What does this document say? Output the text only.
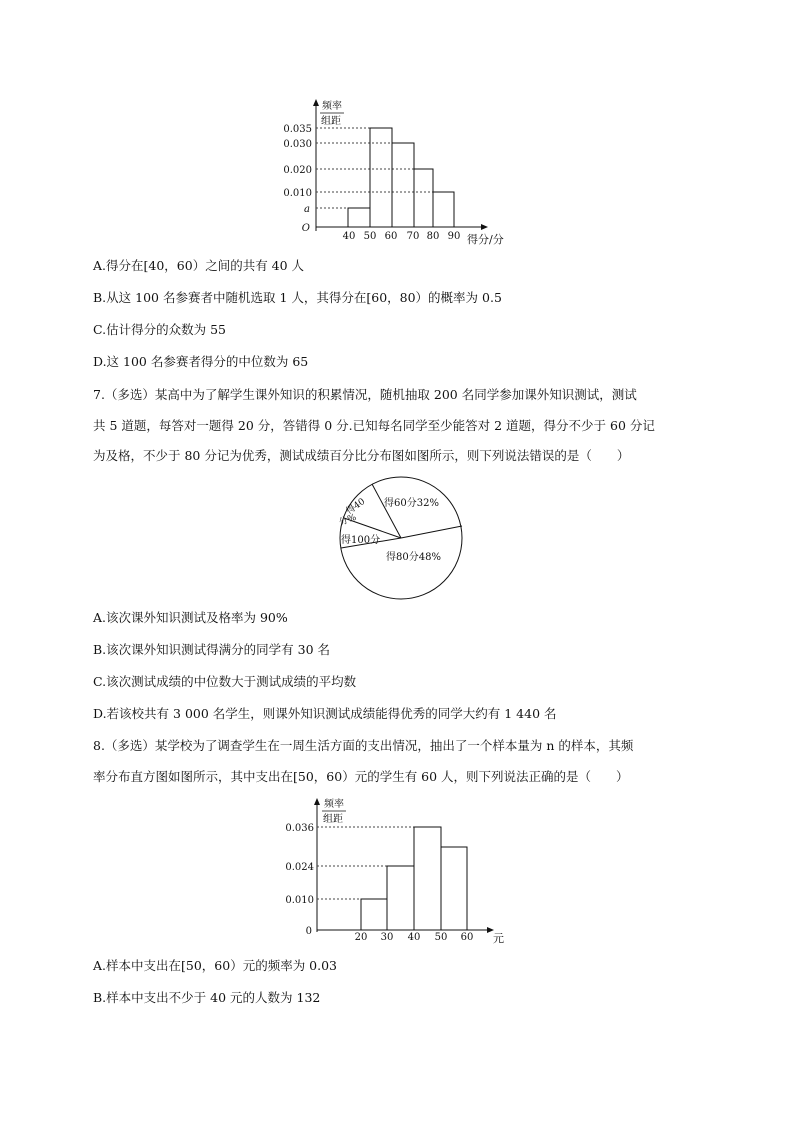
频率
组距
0.035
0.030
0.020
0.010
a
O
40 50 60 70 80 90 得分/分
A.得分在[40，60）之间的共有 40 人
B.从这 100 名参赛者中随机选取 1 人，其得分在[60，80）的概率为 0.5
C.估计得分的众数为 55
D.这 100 名参赛者得分的中位数为 65
7.（多选）某高中为了解学生课外知识的积累情况，随机抽取 200 名同学参加课外知识测试，测试
共 5 道题，每答对一题得 20 分，答错得 0 分.已知每名同学至少能答对 2 道题，得分不少于 60 分记
为及格，不少于 80 分记为优秀，测试成绩百分比分布图如图所示，则下列说法错误的是（　　）
得60分32%
得80分48%
得100分
得40
分%
A.该次课外知识测试及格率为 90%
B.该次课外知识测试得满分的同学有 30 名
C.该次测试成绩的中位数大于测试成绩的平均数
D.若该校共有 3 000 名学生，则课外知识测试成绩能得优秀的同学大约有 1 440 名
8.（多选）某学校为了调查学生在一周生活方面的支出情况，抽出了一个样本量为 n 的样本，其频
率分布直方图如图所示，其中支出在[50，60）元的学生有 60 人，则下列说法正确的是（　　）
频率
组距
0.036
0.024
0.010
0
20 30 40 50 60 元
A.样本中支出在[50，60）元的频率为 0.03
B.样本中支出不少于 40 元的人数为 132
